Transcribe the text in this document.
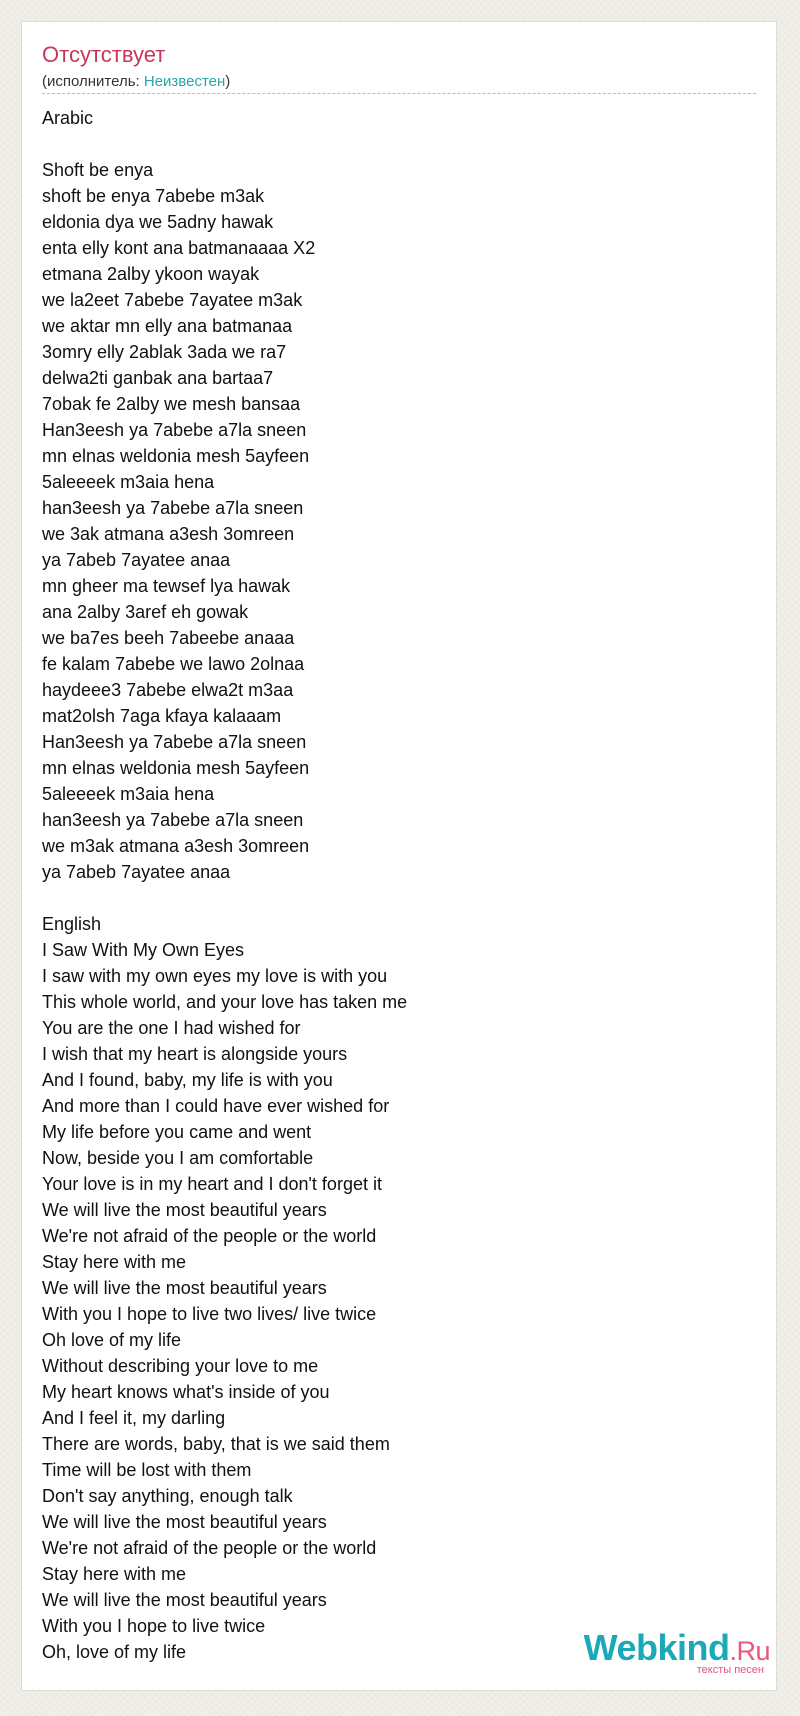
Отсутствует
(исполнитель: Неизвестен)
Arabic
Shoft be enya
shoft be enya 7abebe m3ak
eldonia dya we 5adny hawak
enta elly kont ana batmanaaaa X2
etmana 2alby ykoon wayak
we la2eet 7abebe 7ayatee m3ak
we aktar mn elly ana batmanaa
3omry elly 2ablak 3ada we ra7
delwa2ti ganbak ana bartaa7
7obak fe 2alby we mesh bansaa
Han3eesh ya 7abebe a7la sneen
mn elnas weldonia mesh 5ayfeen
5aleeeek m3aia hena
han3eesh ya 7abebe a7la sneen
we 3ak atmana a3esh 3omreen
ya 7abeb 7ayatee anaa
mn gheer ma tewsef lya hawak
ana 2alby 3aref eh gowak
we ba7es beeh 7abeebe anaaa
fe kalam 7abebe we lawo 2olnaa
haydeee3 7abebe elwa2t m3aa
mat2olsh 7aga kfaya kalaaam
Han3eesh ya 7abebe a7la sneen
mn elnas weldonia mesh 5ayfeen
5aleeeek m3aia hena
han3eesh ya 7abebe a7la sneen
we m3ak atmana a3esh 3omreen
ya 7abeb 7ayatee anaa
English
I Saw With My Own Eyes
I saw with my own eyes my love is with you
This whole world, and your love has taken me
You are the one I had wished for
I wish that my heart is alongside yours
And I found, baby, my life is with you
And more than I could have ever wished for
My life before you came and went
Now, beside you I am comfortable
Your love is in my heart and I don't forget it
We will live the most beautiful years
We're not afraid of the people or the world
Stay here with me
We will live the most beautiful years
With you I hope to live two lives/ live twice
Oh love of my life
Without describing your love to me
My heart knows what's inside of you
And I feel it, my darling
There are words, baby, that is we said them
Time will be lost with them
Don't say anything, enough talk
We will live the most beautiful years
We're not afraid of the people or the world
Stay here with me
We will live the most beautiful years
With you I hope to live twice
Oh, love of my life	Webkind.Ru
тексты песен
